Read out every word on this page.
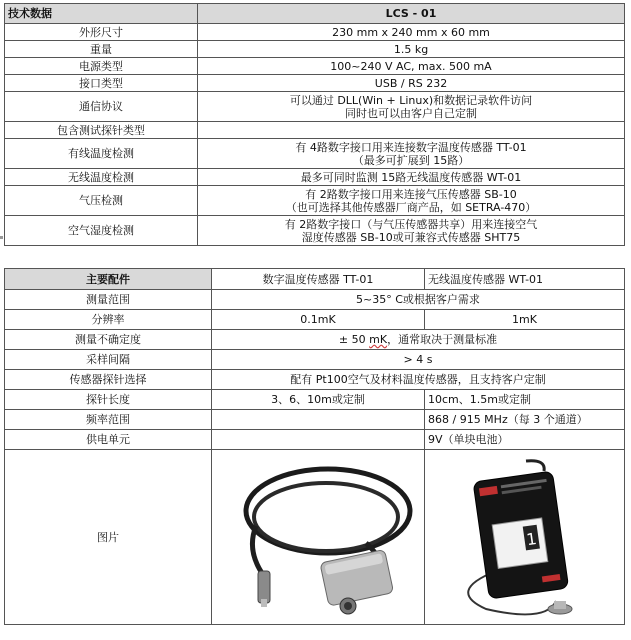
技术数据	LCS - 01
外形尺寸	230 mm x 240 mm x 60 mm
重量	1.5 kg
电源类型	100~240 V AC, max. 500 mA
接口类型	USB / RS 232
通信协议	可以通过 DLL(Win + Linux)和数据记录软件访问
同时也可以由客户自己定制

包含测试探针类型	
有线温度检测	有 4路数字接口用来连接数字温度传感器 TT-01
（最多可扩展到 15路）

无线温度检测	最多可同时监测 15路无线温度传感器 WT-01
气压检测	有 2路数字接口用来连接气压传感器 SB-10
（也可选择其他传感器厂商产品，如 SETRA-470）

空气湿度检测	有 2路数字接口（与气压传感器共享）用来连接空气
湿度传感器 SB-10或可兼容式传感器 SHT75
主要配件	数字温度传感器 TT-01	无线温度传感器 WT-01
测量范围	5~35° C或根据客户需求	
分辨率	0.1mK	1mK
测量不确定度	± 50 mK，通常取决于测量标准	
采样间隔	> 4 s	
传感器探针选择	配有 Pt100空气及材料温度传感器，且支持客户定制	
探针长度	3、6、10m或定制	10cm、1.5m或定制
频率范围		868 / 915 MHz（每 3 个通道）
供电单元		9V（单块电池）
图片		1
